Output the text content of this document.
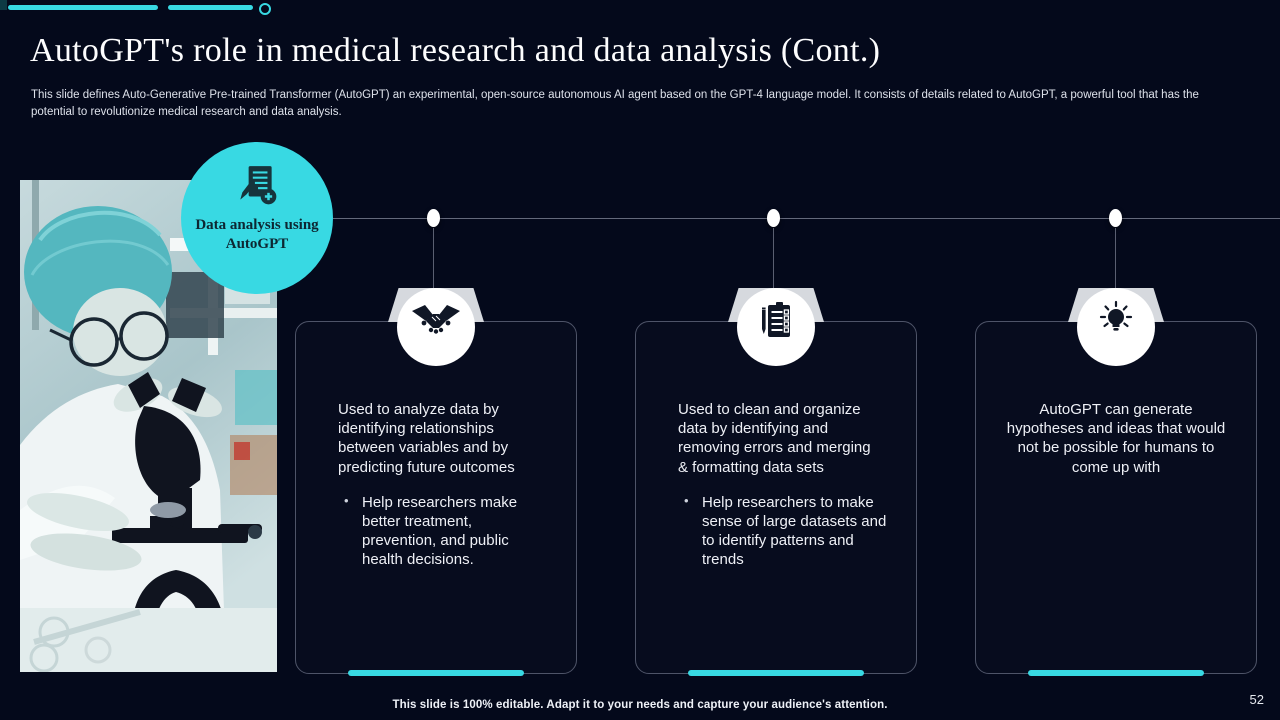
AutoGPT's role in medical research and data analysis (Cont.)

This slide defines Auto-Generative Pre-trained Transformer (AutoGPT) an experimental, open-source autonomous AI agent based on the GPT-4 language model. It consists of details related to AutoGPT, a powerful tool that has the potential to revolutionize medical research and data analysis.

Data analysis using AutoGPT

Used to analyze data by identifying relationships between variables and by predicting future outcomes

• Help researchers make better treatment, prevention, and public health decisions.

Used to clean and organize data by identifying and removing errors and merging & formatting data sets

• Help researchers to make sense of large datasets and to identify patterns and trends

AutoGPT can generate hypotheses and ideas that would not be possible for humans to come up with

This slide is 100% editable. Adapt it to your needs and capture your audience's attention.	52
